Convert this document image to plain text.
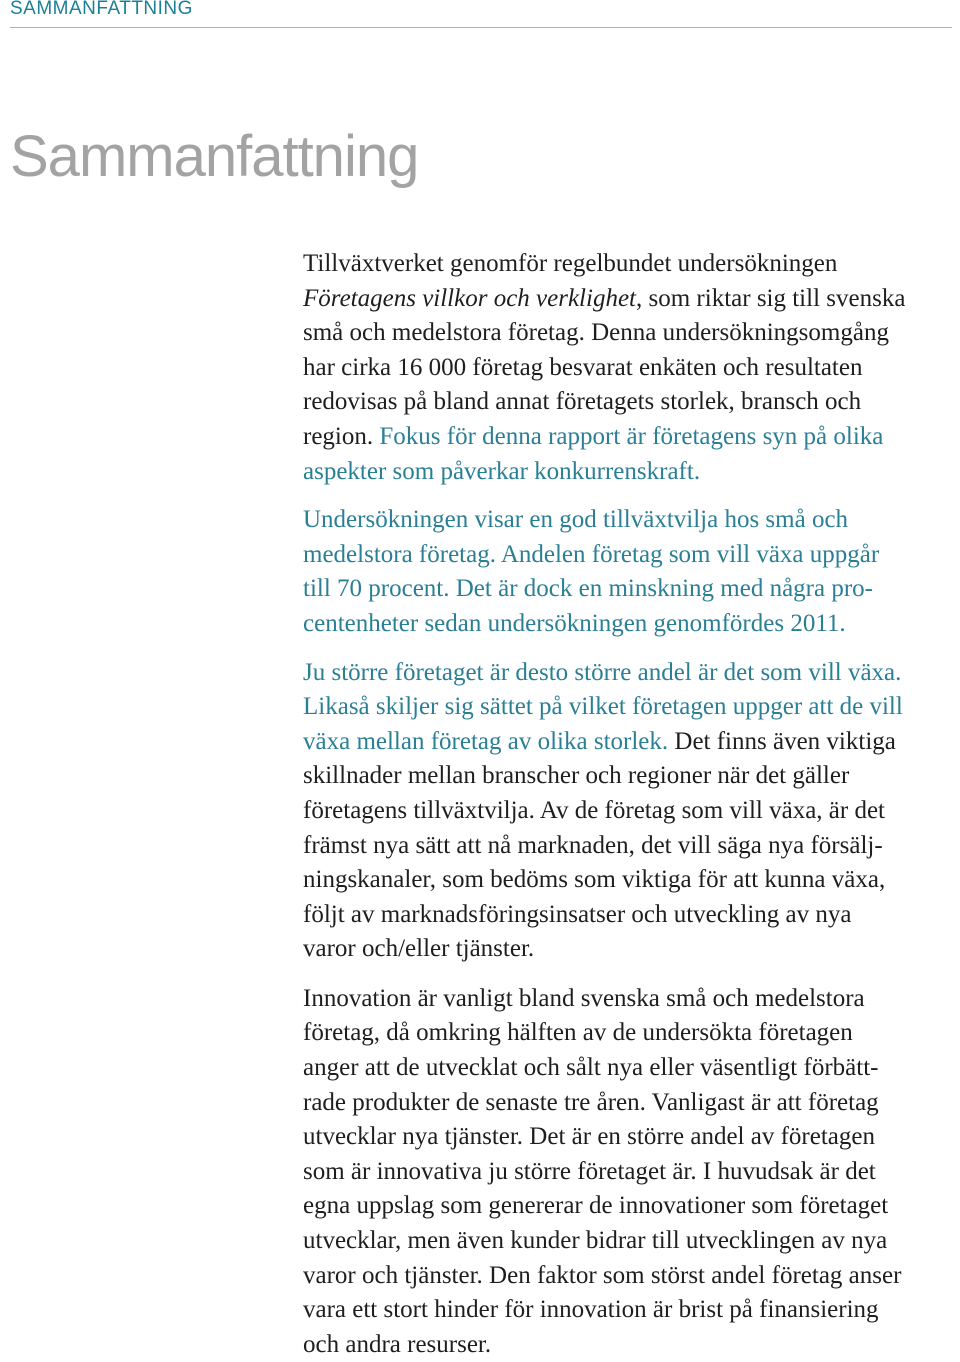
SAMMANFATTNING
Sammanfattning
Tillväxtverket genomför regelbundet undersökningen
Företagens villkor och verklighet, som riktar sig till svenska
små och medelstora företag. Denna undersökningsomgång
har cirka 16 000 företag besvarat enkäten och resultaten
redovisas på bland annat företagets storlek, bransch och
region. Fokus för denna rapport är företagens syn på olika
aspekter som påverkar konkurrenskraft.
Undersökningen visar en god tillväxtvilja hos små och
medelstora företag. Andelen företag som vill växa uppgår
till 70 procent. Det är dock en minskning med några pro-
centenheter sedan undersökningen genomfördes 2011.
Ju större företaget är desto större andel är det som vill växa.
Likaså skiljer sig sättet på vilket företagen uppger att de vill
växa mellan företag av olika storlek. Det finns även viktiga
skillnader mellan branscher och regioner när det gäller
företagens tillväxtvilja. Av de företag som vill växa, är det
främst nya sätt att nå marknaden, det vill säga nya försälj-
ningskanaler, som bedöms som viktiga för att kunna växa,
följt av marknadsföringsinsatser och utveckling av nya
varor och/eller tjänster.
Innovation är vanligt bland svenska små och medelstora
företag, då omkring hälften av de undersökta företagen
anger att de utvecklat och sålt nya eller väsentligt förbätt-
rade produkter de senaste tre åren. Vanligast är att företag
utvecklar nya tjänster. Det är en större andel av företagen
som är innovativa ju större företaget är. I huvudsak är det
egna uppslag som genererar de innovationer som företaget
utvecklar, men även kunder bidrar till utvecklingen av nya
varor och tjänster. Den faktor som störst andel företag anser
vara ett stort hinder för innovation är brist på finansiering
och andra resurser.
